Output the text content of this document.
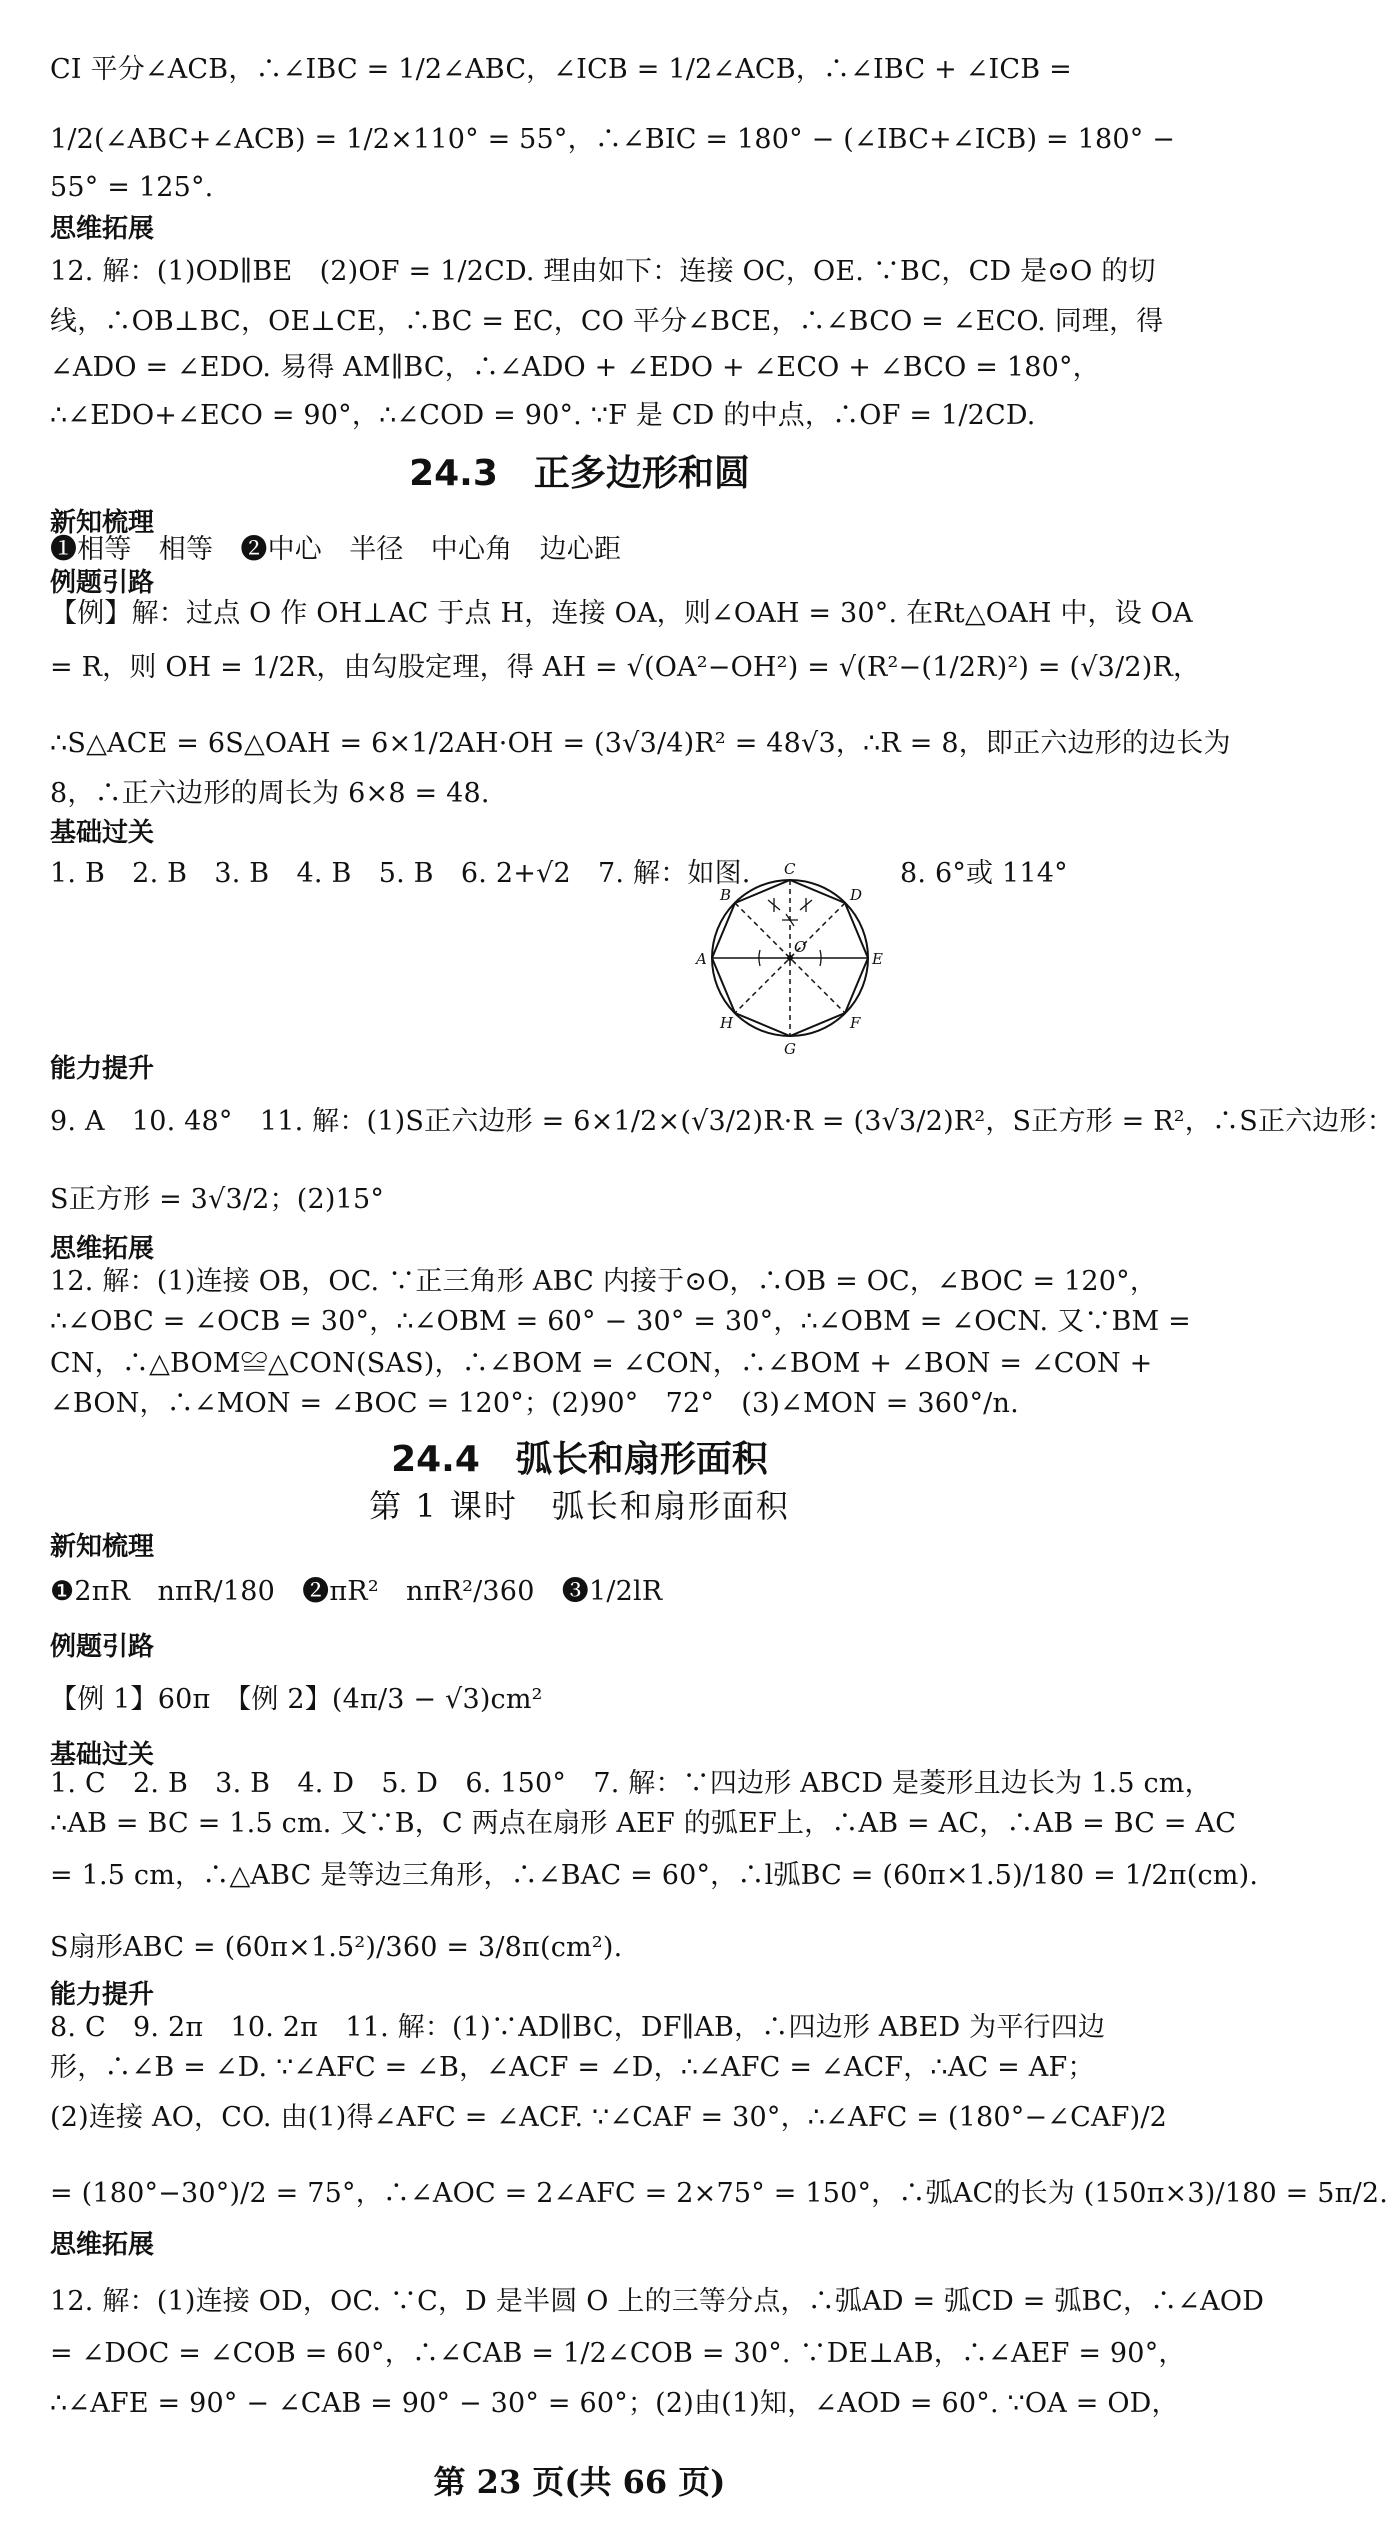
CI 平分∠ACB，∴∠IBC = 1/2∠ABC，∠ICB = 1/2∠ACB，∴∠IBC + ∠ICB =
1/2(∠ABC+∠ACB) = 1/2×110° = 55°，∴∠BIC = 180° − (∠IBC+∠ICB) = 180° −
55° = 125°.
思维拓展
12. 解：(1)OD∥BE　(2)OF = 1/2CD. 理由如下：连接 OC，OE. ∵BC，CD 是⊙O 的切
线，∴OB⊥BC，OE⊥CE，∴BC = EC，CO 平分∠BCE，∴∠BCO = ∠ECO. 同理，得
∠ADO = ∠EDO. 易得 AM∥BC，∴∠ADO + ∠EDO + ∠ECO + ∠BCO = 180°，
∴∠EDO+∠ECO = 90°，∴∠COD = 90°. ∵F 是 CD 的中点，∴OF = 1/2CD.
24.3　正多边形和圆
新知梳理
❶相等　相等　❷中心　半径　中心角　边心距
例题引路
【例】解：过点 O 作 OH⊥AC 于点 H，连接 OA，则∠OAH = 30°. 在Rt△OAH 中，设 OA
= R，则 OH = 1/2R，由勾股定理，得 AH = √(OA²−OH²) = √(R²−(1/2R)²) = (√3/2)R，
∴S△ACE = 6S△OAH = 6×1/2AH·OH = (3√3/4)R² = 48√3，∴R = 8，即正六边形的边长为
8，∴正六边形的周长为 6×8 = 48.
基础过关
1. B　2. B　3. B　4. B　5. B　6. 2+√2　7. 解：如图.	8. 6°或 114°
C
B	D
A	E
H	F
G
O
能力提升
9. A　10. 48°　11. 解：(1)S正六边形 = 6×1/2×(√3/2)R·R = (3√3/2)R²，S正方形 = R²，∴S正六边形：
S正方形 = 3√3/2；(2)15°
思维拓展
12. 解：(1)连接 OB，OC. ∵正三角形 ABC 内接于⊙O，∴OB = OC，∠BOC = 120°，
∴∠OBC = ∠OCB = 30°，∴∠OBM = 60° − 30° = 30°，∴∠OBM = ∠OCN. 又∵BM =
CN，∴△BOM≌△CON(SAS)，∴∠BOM = ∠CON，∴∠BOM + ∠BON = ∠CON +
∠BON，∴∠MON = ∠BOC = 120°；(2)90°　72°　(3)∠MON = 360°/n.
24.4　弧长和扇形面积
第 1 课时　弧长和扇形面积
新知梳理
❶2πR　nπR/180　❷πR²　nπR²/360　❸1/2lR
例题引路
【例 1】60π　【例 2】(4π/3 − √3)cm²
基础过关
1. C　2. B　3. B　4. D　5. D　6. 150°　7. 解：∵四边形 ABCD 是菱形且边长为 1.5 cm，
∴AB = BC = 1.5 cm. 又∵B，C 两点在扇形 AEF 的弧EF上，∴AB = AC，∴AB = BC = AC
= 1.5 cm，∴△ABC 是等边三角形，∴∠BAC = 60°，∴l弧BC = (60π×1.5)/180 = 1/2π(cm).
S扇形ABC = (60π×1.5²)/360 = 3/8π(cm²).
能力提升
8. C　9. 2π　10. 2π　11. 解：(1)∵AD∥BC，DF∥AB，∴四边形 ABED 为平行四边
形，∴∠B = ∠D. ∵∠AFC = ∠B，∠ACF = ∠D，∴∠AFC = ∠ACF，∴AC = AF；
(2)连接 AO，CO. 由(1)得∠AFC = ∠ACF. ∵∠CAF = 30°，∴∠AFC = (180°−∠CAF)/2
= (180°−30°)/2 = 75°，∴∠AOC = 2∠AFC = 2×75° = 150°，∴弧AC的长为 (150π×3)/180 = 5π/2.
思维拓展
12. 解：(1)连接 OD，OC. ∵C，D 是半圆 O 上的三等分点，∴弧AD = 弧CD = 弧BC，∴∠AOD
= ∠DOC = ∠COB = 60°，∴∠CAB = 1/2∠COB = 30°. ∵DE⊥AB，∴∠AEF = 90°，
∴∠AFE = 90° − ∠CAB = 90° − 30° = 60°；(2)由(1)知，∠AOD = 60°. ∵OA = OD，
第 23 页(共 66 页)
